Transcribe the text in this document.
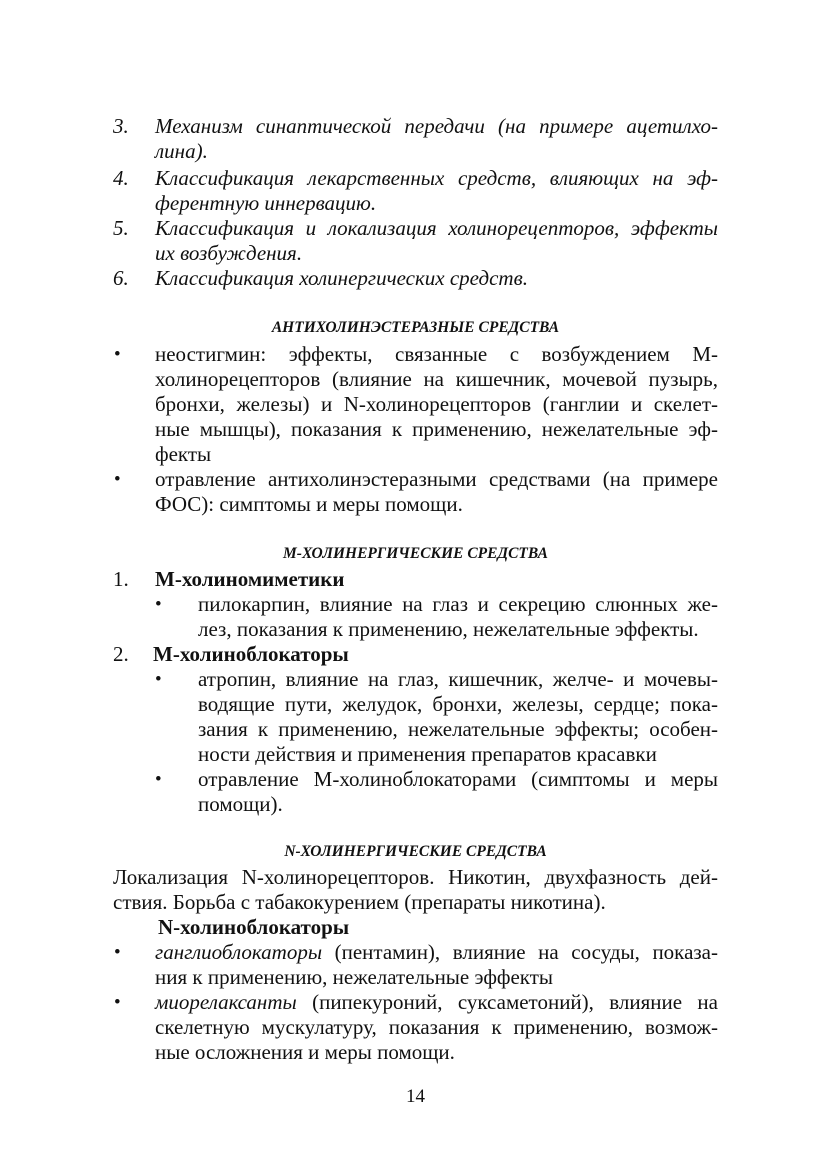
3. Механизм синаптической передачи (на примере ацетилхо-
лина).
4. Классификация лекарственных средств, влияющих на эф-
ферентную иннервацию.
5. Классификация и локализация холинорецепторов, эффекты
их возбуждения.
6. Классификация холинергических средств.
АНТИХОЛИНЭСТЕРАЗНЫЕ СРЕДСТВА
• неостигмин: эффекты, связанные с возбуждением М-
холинорецепторов (влияние на кишечник, мочевой пузырь,
бронхи, железы) и N-холинорецепторов (ганглии и скелет-
ные мышцы), показания к применению, нежелательные эф-
фекты
• отравление антихолинэстеразными средствами (на примере
ФОС): симптомы и меры помощи.
М-ХОЛИНЕРГИЧЕСКИЕ СРЕДСТВА
1. М-холиномиметики
• пилокарпин, влияние на глаз и секрецию слюнных же-
лез, показания к применению, нежелательные эффекты.
2. М-холиноблокаторы
• атропин, влияние на глаз, кишечник, желче- и мочевы-
водящие пути, желудок, бронхи, железы, сердце; пока-
зания к применению, нежелательные эффекты; особен-
ности действия и применения препаратов красавки
• отравление М-холиноблокаторами (симптомы и меры
помощи).
N-ХОЛИНЕРГИЧЕСКИЕ СРЕДСТВА
Локализация N-холинорецепторов. Никотин, двухфазность дей-
ствия. Борьба с табакокурением (препараты никотина).
N-холиноблокаторы
• ганглиоблокаторы (пентамин), влияние на сосуды, показа-
ния к применению, нежелательные эффекты
• миорелаксанты (пипекуроний, суксаметоний), влияние на
скелетную мускулатуру, показания к применению, возмож-
ные осложнения и меры помощи.
14
